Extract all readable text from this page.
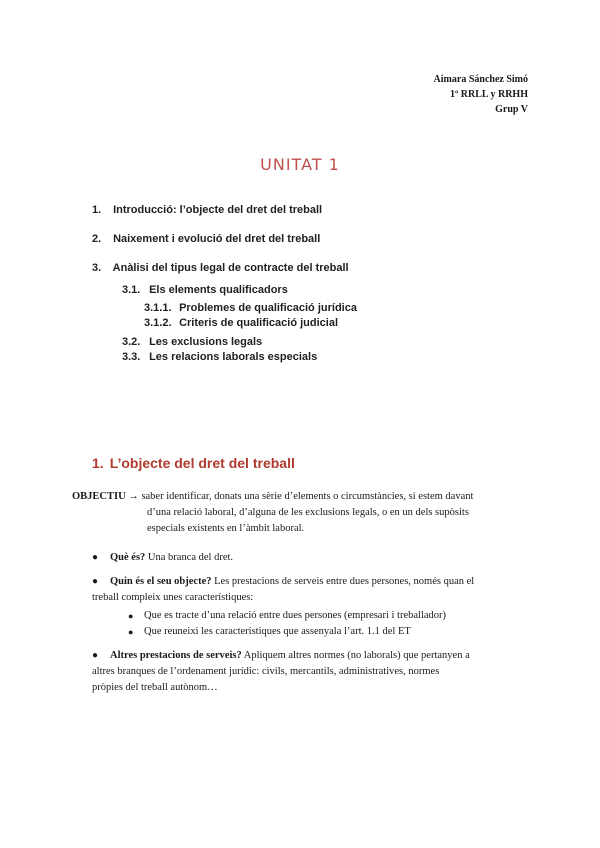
Aimara Sánchez Simó
1º RRLL y RRHH
Grup V
UNITAT 1
1. Introducció: l’objecte del dret del treball
2. Naixement i evolució del dret del treball
3. Anàlisi del tipus legal de contracte del treball
3.1. Els elements qualificadors
3.1.1. Problemes de qualificació jurídica
3.1.2. Criteris de qualificació judicial
3.2. Les exclusions legals
3.3. Les relacions laborals especials
1. L’objecte del dret del treball
OBJECTIU → saber identificar, donats una sèrie d’elements o circumstàncies, si estem davant
d’una relació laboral, d’alguna de les exclusions legals, o en un dels supòsits
especials existents en l’àmbit laboral.
●	Què és? Una branca del dret.
●	Quin és el seu objecte? Les prestacions de serveis entre dues persones, només quan el
treball compleix unes característiques:
●	Que es tracte d’una relació entre dues persones (empresari i treballador)
●	Que reuneixi les característiques que assenyala l’art. 1.1 del ET
●	Altres prestacions de serveis? Apliquem altres normes (no laborals) que pertanyen a
altres branques de l’ordenament jurídic: civils, mercantils, administratives, normes
pròpies del treball autònom…
